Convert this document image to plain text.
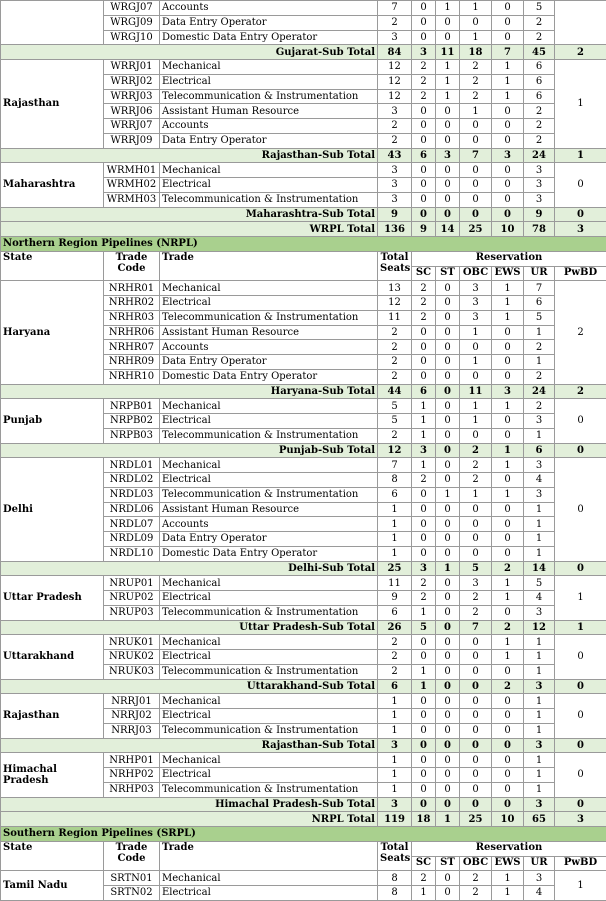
	WRGJ07	Accounts	7	0	1	1	0	5	
	WRGJ09	Data Entry Operator	2	0	0	0	0	2	
	WRGJ10	Domestic Data Entry Operator	3	0	0	1	0	2	
Gujarat-Sub Total			84	3	11	18	7	45	2
Rajasthan	WRRJ01	Mechanical	12	2	1	2	1	6	1
	WRRJ02	Electrical	12	2	1	2	1	6	
	WRRJ03	Telecommunication & Instrumentation	12	2	1	2	1	6	
	WRRJ06	Assistant Human Resource	3	0	0	1	0	2	
	WRRJ07	Accounts	2	0	0	0	0	2	
	WRRJ09	Data Entry Operator	2	0	0	0	0	2	
Rajasthan-Sub Total			43	6	3	7	3	24	1
Maharashtra	WRMH01	Mechanical	3	0	0	0	0	3	0
	WRMH02	Electrical	3	0	0	0	0	3	
	WRMH03	Telecommunication & Instrumentation	3	0	0	0	0	3	
Maharashtra-Sub Total			9	0	0	0	0	9	0
WRPL Total			136	9	14	25	10	78	3
Northern Region Pipelines (NRPL)									
State	Trade Code	Trade	Total Seats	Reservation					
				SC	ST	OBC	EWS	UR	PwBD
Haryana	NRHR01	Mechanical	13	2	0	3	1	7	2
	NRHR02	Electrical	12	2	0	3	1	6	
	NRHR03	Telecommunication & Instrumentation	11	2	0	3	1	5	
	NRHR06	Assistant Human Resource	2	0	0	1	0	1	
	NRHR07	Accounts	2	0	0	0	0	2	
	NRHR09	Data Entry Operator	2	0	0	1	0	1	
	NRHR10	Domestic Data Entry Operator	2	0	0	0	0	2	
Haryana-Sub Total			44	6	0	11	3	24	2
Punjab	NRPB01	Mechanical	5	1	0	1	1	2	0
	NRPB02	Electrical	5	1	0	1	0	3	
	NRPB03	Telecommunication & Instrumentation	2	1	0	0	0	1	
Punjab-Sub Total			12	3	0	2	1	6	0
Delhi	NRDL01	Mechanical	7	1	0	2	1	3	0
	NRDL02	Electrical	8	2	0	2	0	4	
	NRDL03	Telecommunication & Instrumentation	6	0	1	1	1	3	
	NRDL06	Assistant Human Resource	1	0	0	0	0	1	
	NRDL07	Accounts	1	0	0	0	0	1	
	NRDL09	Data Entry Operator	1	0	0	0	0	1	
	NRDL10	Domestic Data Entry Operator	1	0	0	0	0	1	
Delhi-Sub Total			25	3	1	5	2	14	0
Uttar Pradesh	NRUP01	Mechanical	11	2	0	3	1	5	1
	NRUP02	Electrical	9	2	0	2	1	4	
	NRUP03	Telecommunication & Instrumentation	6	1	0	2	0	3	
Uttar Pradesh-Sub Total			26	5	0	7	2	12	1
Uttarakhand	NRUK01	Mechanical	2	0	0	0	1	1	0
	NRUK02	Electrical	2	0	0	0	1	1	
	NRUK03	Telecommunication & Instrumentation	2	1	0	0	0	1	
Uttarakhand-Sub Total			6	1	0	0	2	3	0
Rajasthan	NRRJ01	Mechanical	1	0	0	0	0	1	0
	NRRJ02	Electrical	1	0	0	0	0	1	
	NRRJ03	Telecommunication & Instrumentation	1	0	0	0	0	1	
Rajasthan-Sub Total			3	0	0	0	0	3	0
Himachal Pradesh	NRHP01	Mechanical	1	0	0	0	0	1	0
	NRHP02	Electrical	1	0	0	0	0	1	
	NRHP03	Telecommunication & Instrumentation	1	0	0	0	0	1	
Himachal Pradesh-Sub Total			3	0	0	0	0	3	0
NRPL Total			119	18	1	25	10	65	3
Southern Region Pipelines (SRPL)									
State	Trade Code	Trade	Total Seats	Reservation					
				SC	ST	OBC	EWS	UR	PwBD
Tamil Nadu	SRTN01	Mechanical	8	2	0	2	1	3	1
	SRTN02	Electrical	8	1	0	2	1	4	
